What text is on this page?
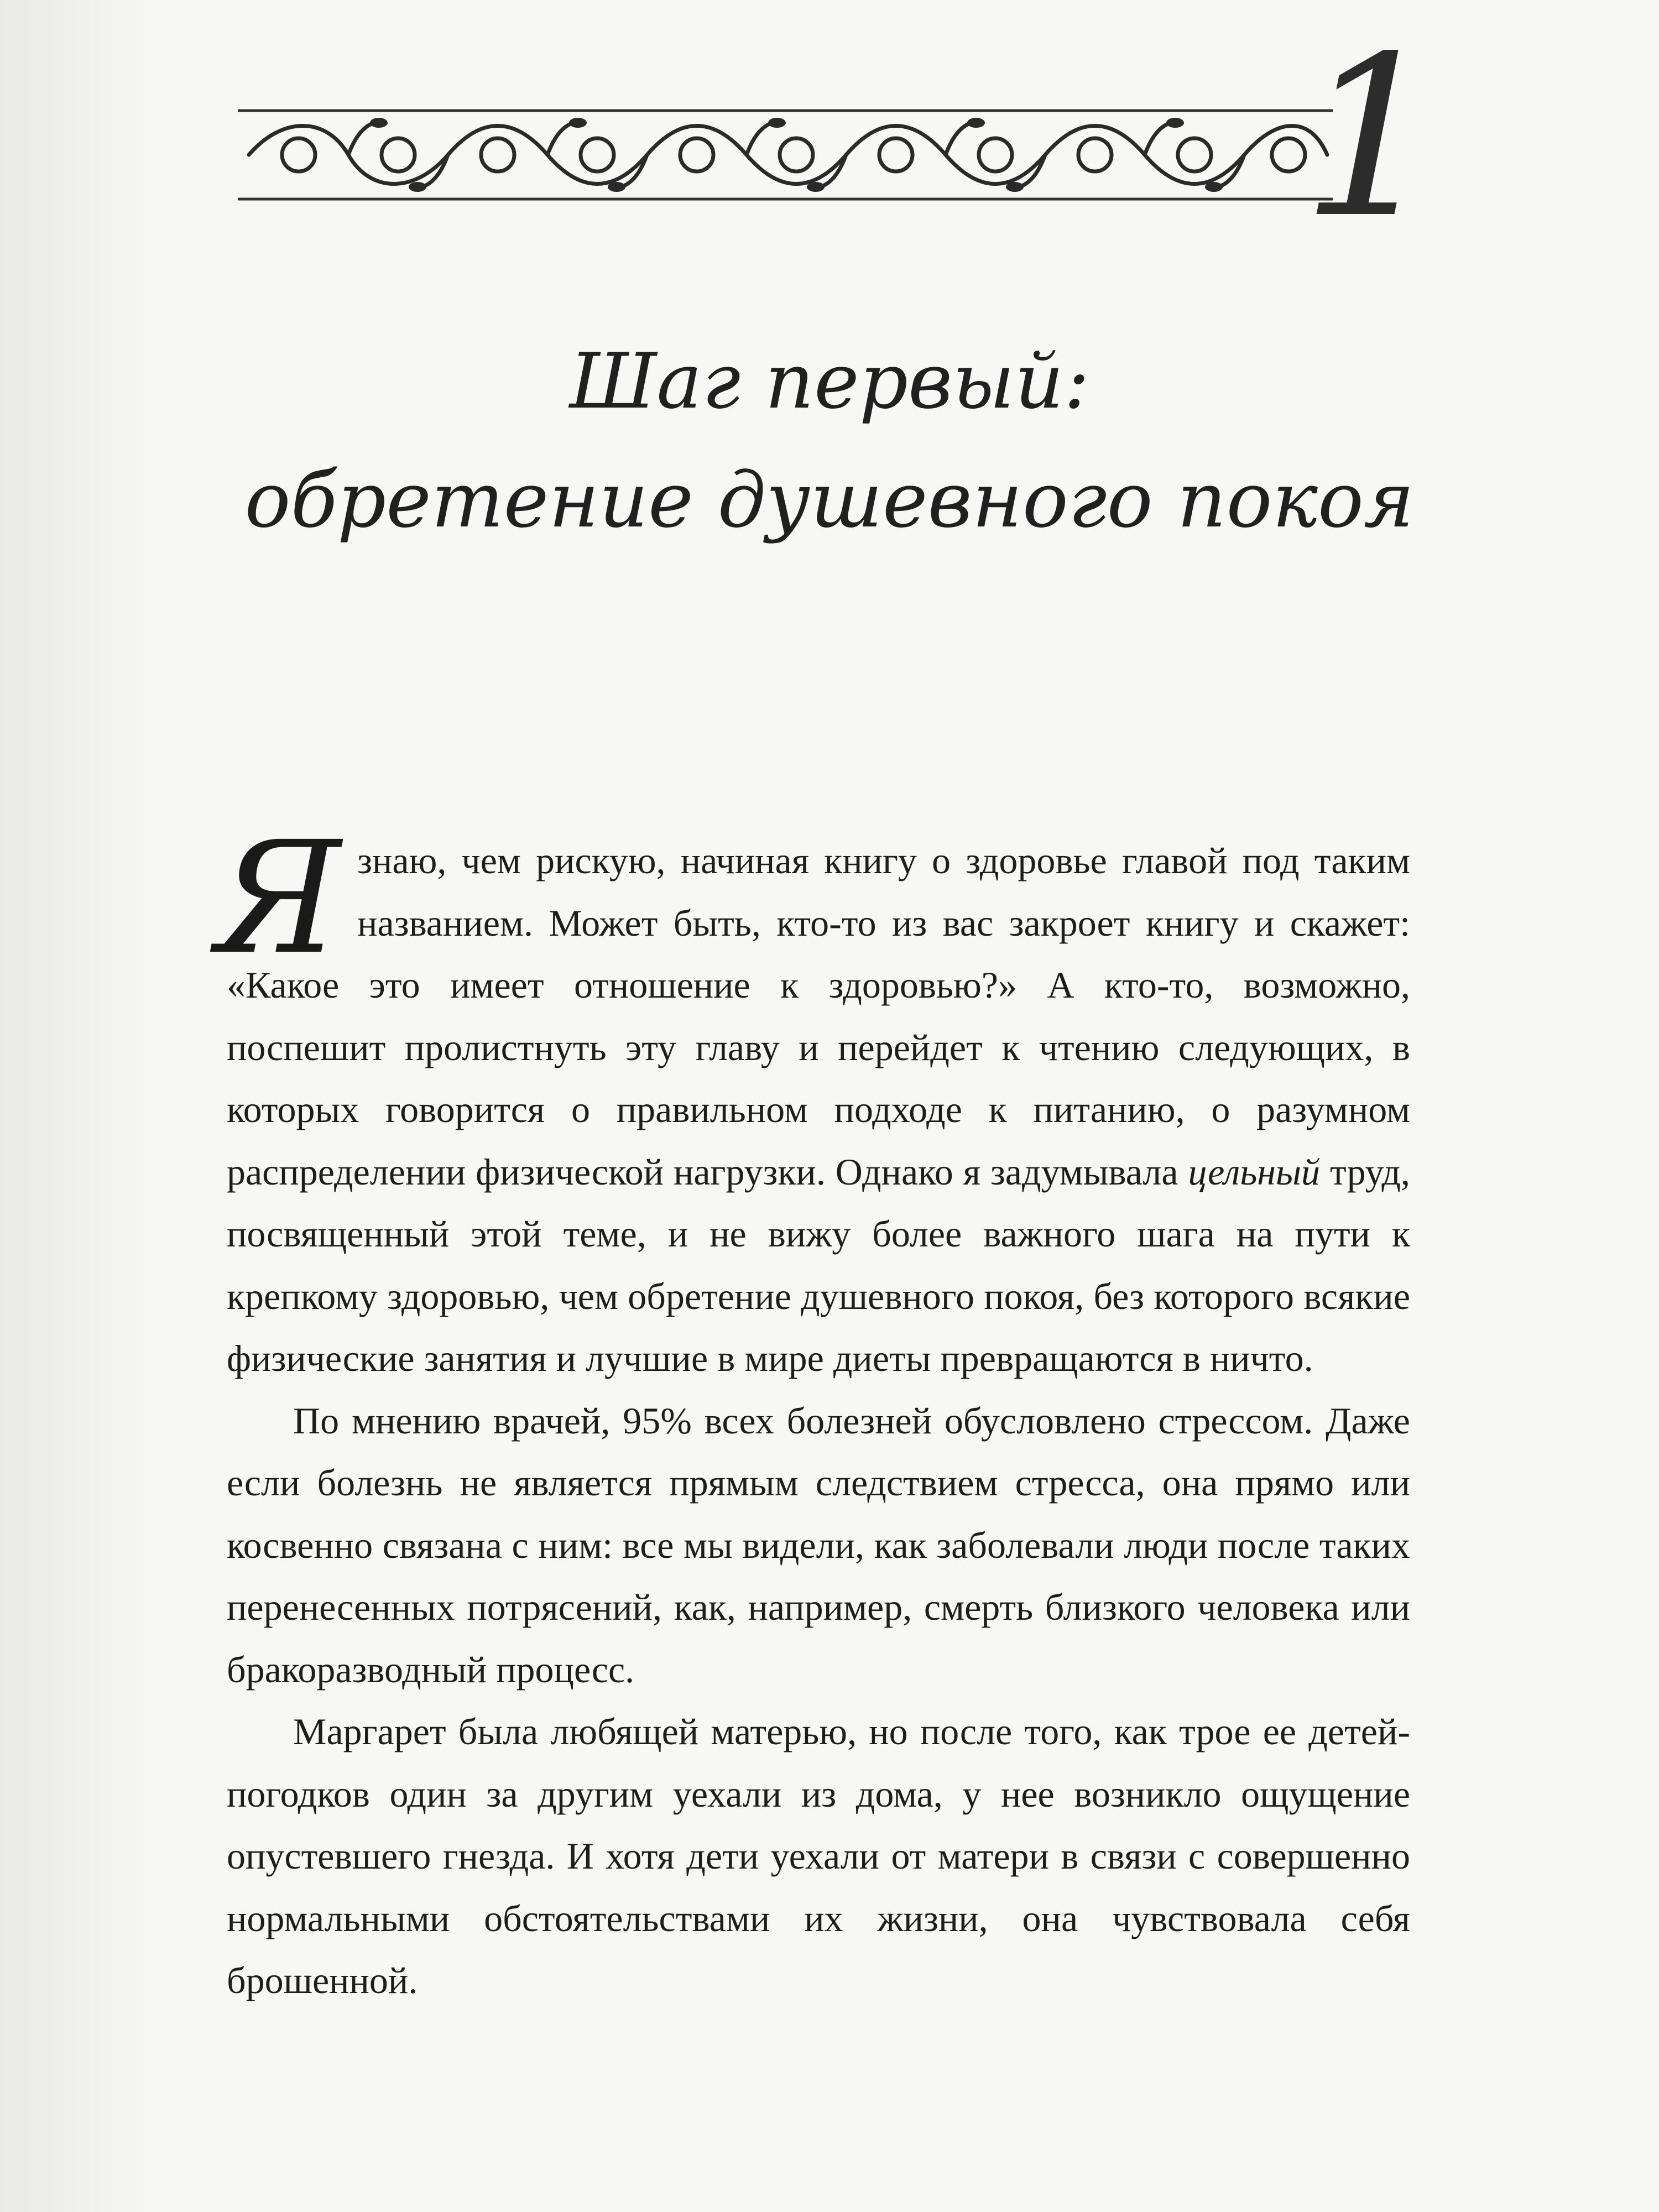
1
Шаг первый:
обретение душевного покоя

Я знаю, чем рискую, начиная книгу о здоровье главой под таким названием. Может быть, кто-то из вас закроет книгу и скажет: «Какое это имеет отношение к здоровью?» А кто-то, возможно, поспешит пролистнуть эту главу и перейдет к чтению следующих, в которых говорится о правильном подходе к питанию, о разумном распределении физической нагрузки. Однако я задумывала цельный труд, посвященный этой теме, и не вижу более важного шага на пути к крепкому здоровью, чем обретение душевного покоя, без которого всякие физические занятия и лучшие в мире диеты превращаются в ничто.

По мнению врачей, 95% всех болезней обусловлено стрессом. Даже если болезнь не является прямым следствием стресса, она прямо или косвенно связана с ним: все мы видели, как заболевали люди после таких перенесенных потрясений, как, например, смерть близкого человека или бракоразводный процесс.

Маргарет была любящей матерью, но после того, как трое ее детей-погодков один за другим уехали из дома, у нее возникло ощущение опустевшего гнезда. И хотя дети уехали от матери в связи с совершенно нормальными обстоятельствами их жизни, она чувствовала себя брошенной.
